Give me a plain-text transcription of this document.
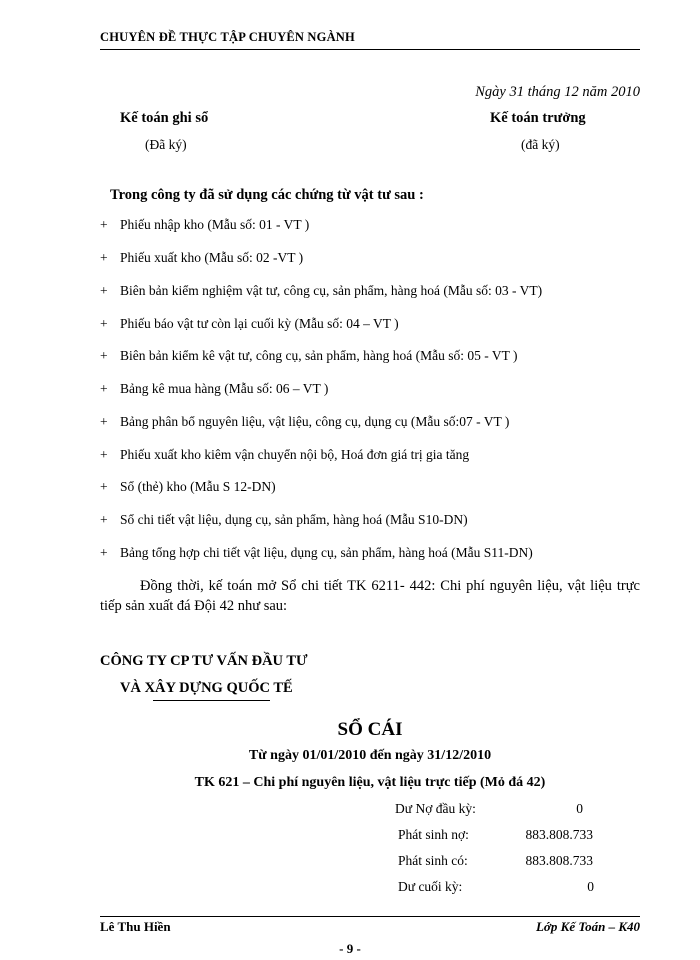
CHUYÊN ĐỀ THỰC TẬP CHUYÊN NGÀNH
Ngày 31 tháng 12 năm 2010
Kế toán ghi sổ
(Đã ký)
Kế toán trưởng
(đã ký)
Trong công ty đã sử dụng các chứng từ vật tư sau :
+ Phiếu nhập kho (Mẫu số: 01 - VT )
+ Phiếu xuất kho (Mẫu số: 02 -VT )
+ Biên bản kiểm nghiệm vật tư, công cụ, sản phẩm, hàng hoá (Mẫu số: 03 - VT)
+ Phiếu báo vật tư còn lại cuối kỳ (Mẫu số: 04 – VT )
+ Biên bản kiểm kê vật tư, công cụ, sản phẩm, hàng hoá (Mẫu số: 05 - VT )
+ Bảng kê mua hàng (Mẫu số: 06 – VT )
+ Bảng phân bổ nguyên liệu, vật liệu, công cụ, dụng cụ (Mẫu số:07 - VT )
+ Phiếu xuất kho kiêm vận chuyển nội bộ, Hoá đơn giá trị gia tăng
+ Sổ (thẻ) kho (Mẫu S 12-DN)
+ Sổ chi tiết vật liệu, dụng cụ, sản phẩm, hàng hoá (Mẫu S10-DN)
+ Bảng tổng hợp chi tiết vật liệu, dụng cụ, sản phẩm, hàng hoá (Mẫu S11-DN)
Đồng thời, kế toán mở Sổ chi tiết TK 6211- 442: Chi phí nguyên liệu, vật liệu trực tiếp sản xuất đá Đội 42 như sau:
CÔNG TY CP TƯ VẤN ĐẦU TƯ
VÀ XÂY DỰNG QUỐC TẾ
SỔ CÁI
Từ ngày 01/01/2010 đến ngày 31/12/2010
TK 621 – Chi phí nguyên liệu, vật liệu trực tiếp (Mỏ đá 42)
Dư Nợ đầu kỳ:	0
Phát sinh nợ:	883.808.733
Phát sinh có:	883.808.733
Dư cuối kỳ:	0
Lê Thu Hiền	Lớp Kế Toán – K40
- 9 -
